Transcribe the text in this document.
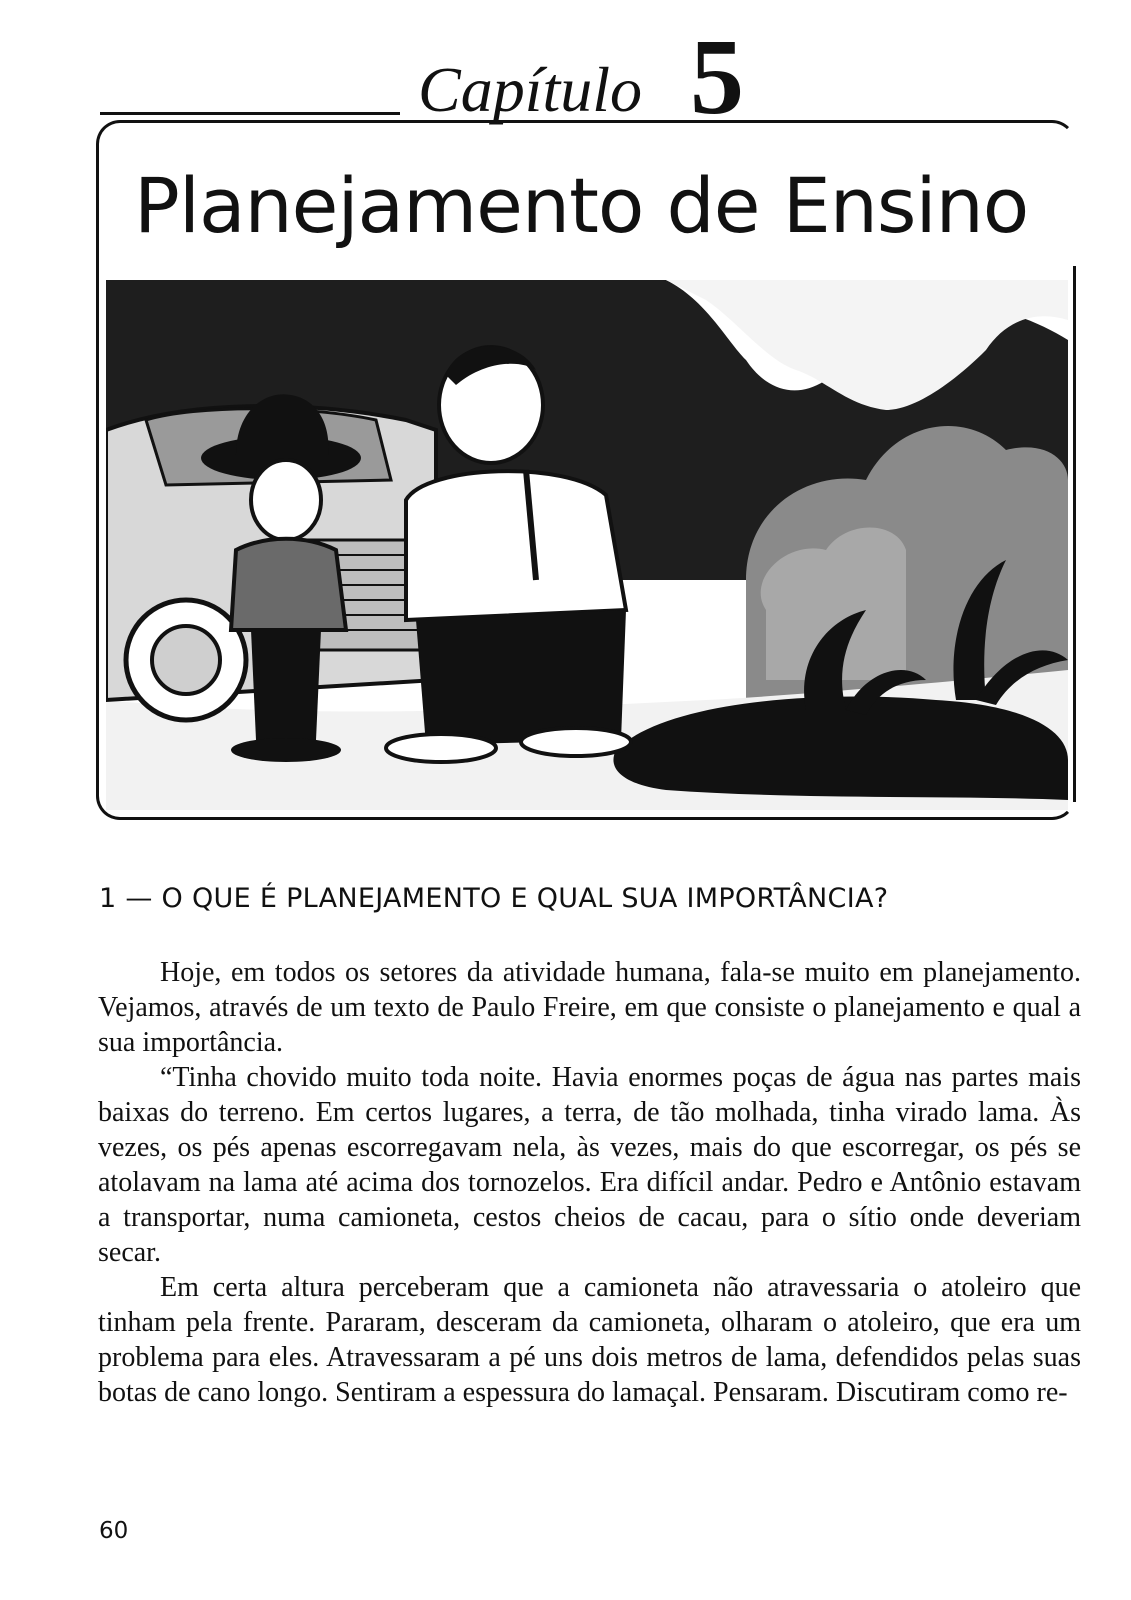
Capítulo 5
Planejamento de Ensino
1 — O QUE É PLANEJAMENTO E QUAL SUA IMPORTÂNCIA?

Hoje, em todos os setores da atividade humana, fala-se muito em planejamento. Vejamos, através de um texto de Paulo Freire, em que consiste o planejamento e qual a sua importância.

“Tinha chovido muito toda noite. Havia enormes poças de água nas partes mais baixas do terreno. Em certos lugares, a terra, de tão molhada, tinha virado lama. Às vezes, os pés apenas escorregavam nela, às vezes, mais do que escorregar, os pés se atolavam na lama até acima dos tornozelos. Era difícil andar. Pedro e Antônio estavam a transportar, numa camioneta, cestos cheios de cacau, para o sítio onde deveriam secar.

Em certa altura perceberam que a camioneta não atravessaria o atoleiro que tinham pela frente. Pararam, desceram da camioneta, olharam o atoleiro, que era um problema para eles. Atravessaram a pé uns dois metros de lama, defendidos pelas suas botas de cano longo. Sentiram a espessura do lamaçal. Pensaram. Discutiram como re-

60
